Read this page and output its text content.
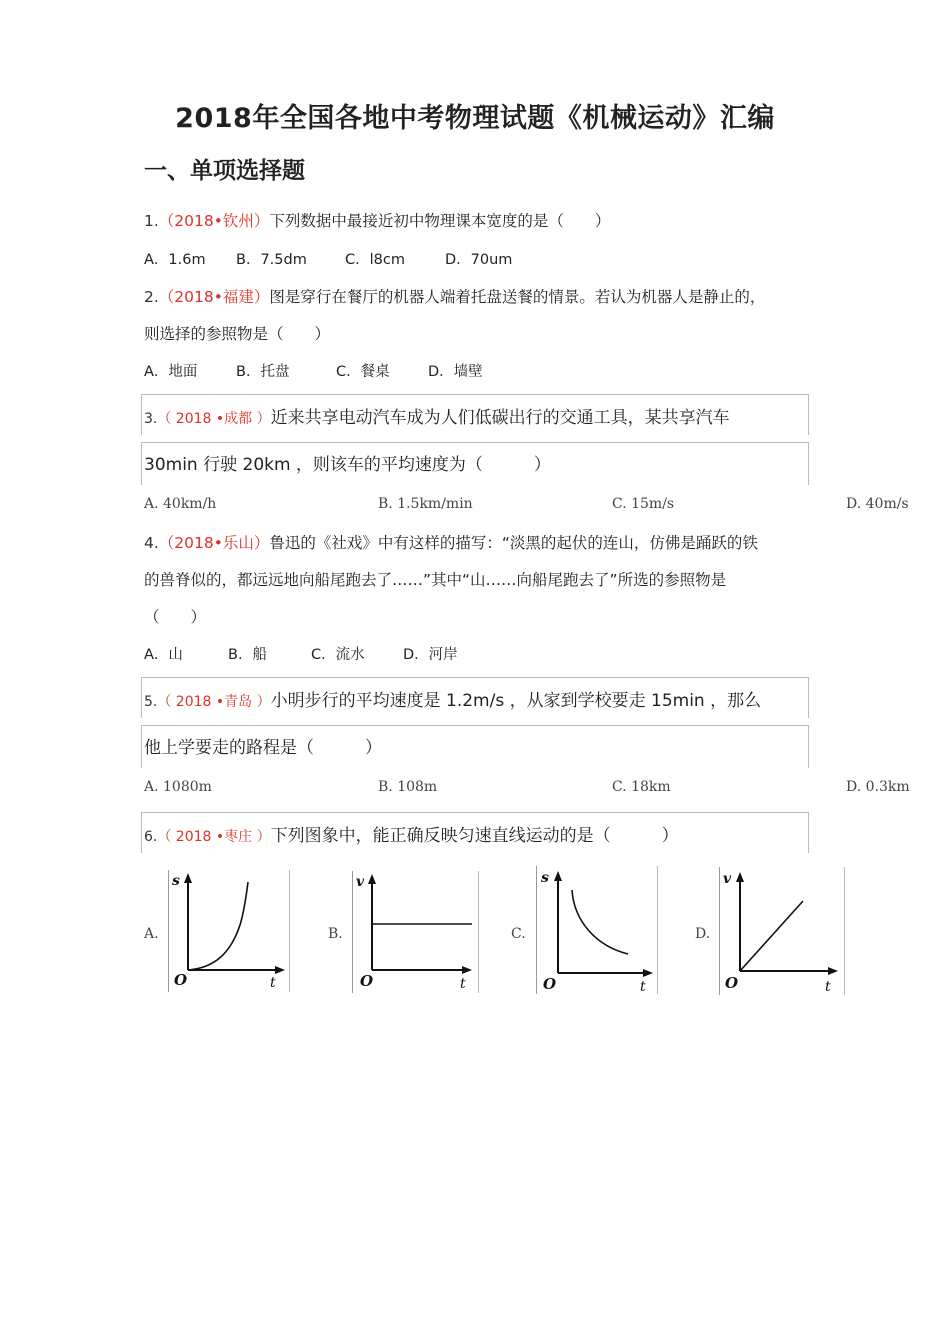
2018年全国各地中考物理试题《机械运动》汇编
一、单项选择题
1.（2018•钦州）下列数据中最接近初中物理课本宽度的是（　　）
A．1.6m B．7.5dm	C．l8cm	D．70um
2.（2018•福建）图是穿行在餐厅的机器人端着托盘送餐的情景。若认为机器人是静止的，
则选择的参照物是（　　）
A．地面	B．托盘	C．餐桌	D．墙壁
3.（ 2018 •成都 ）近来共享电动汽车成为人们低碳出行的交通工具，某共享汽车
30min 行驶 20km ，则该车的平均速度为（　　　）
A. 40km/h	B. 1.5km/min	C. 15m/s	D. 40m/s
4.（2018•乐山）鲁迅的《社戏》中有这样的描写：“淡黑的起伏的连山，仿佛是踊跃的铁
的兽脊似的，都远远地向船尾跑去了……”其中“山……向船尾跑去了”所选的参照物是
（　　）
A．山	B．船	C．流水	D．河岸
5.（ 2018 •青岛 ）小明步行的平均速度是 1.2m/s ，从家到学校要走 15min ，那么
他上学要走的路程是（　　　）
A. 1080m	B. 108m	C. 18km	D. 0.3km
6.（ 2018 •枣庄 ）下列图象中，能正确反映匀速直线运动的是（　　　）
A.
s
O	t
B.
v
O	t
C.
s
O	t
D.
v
O	t
